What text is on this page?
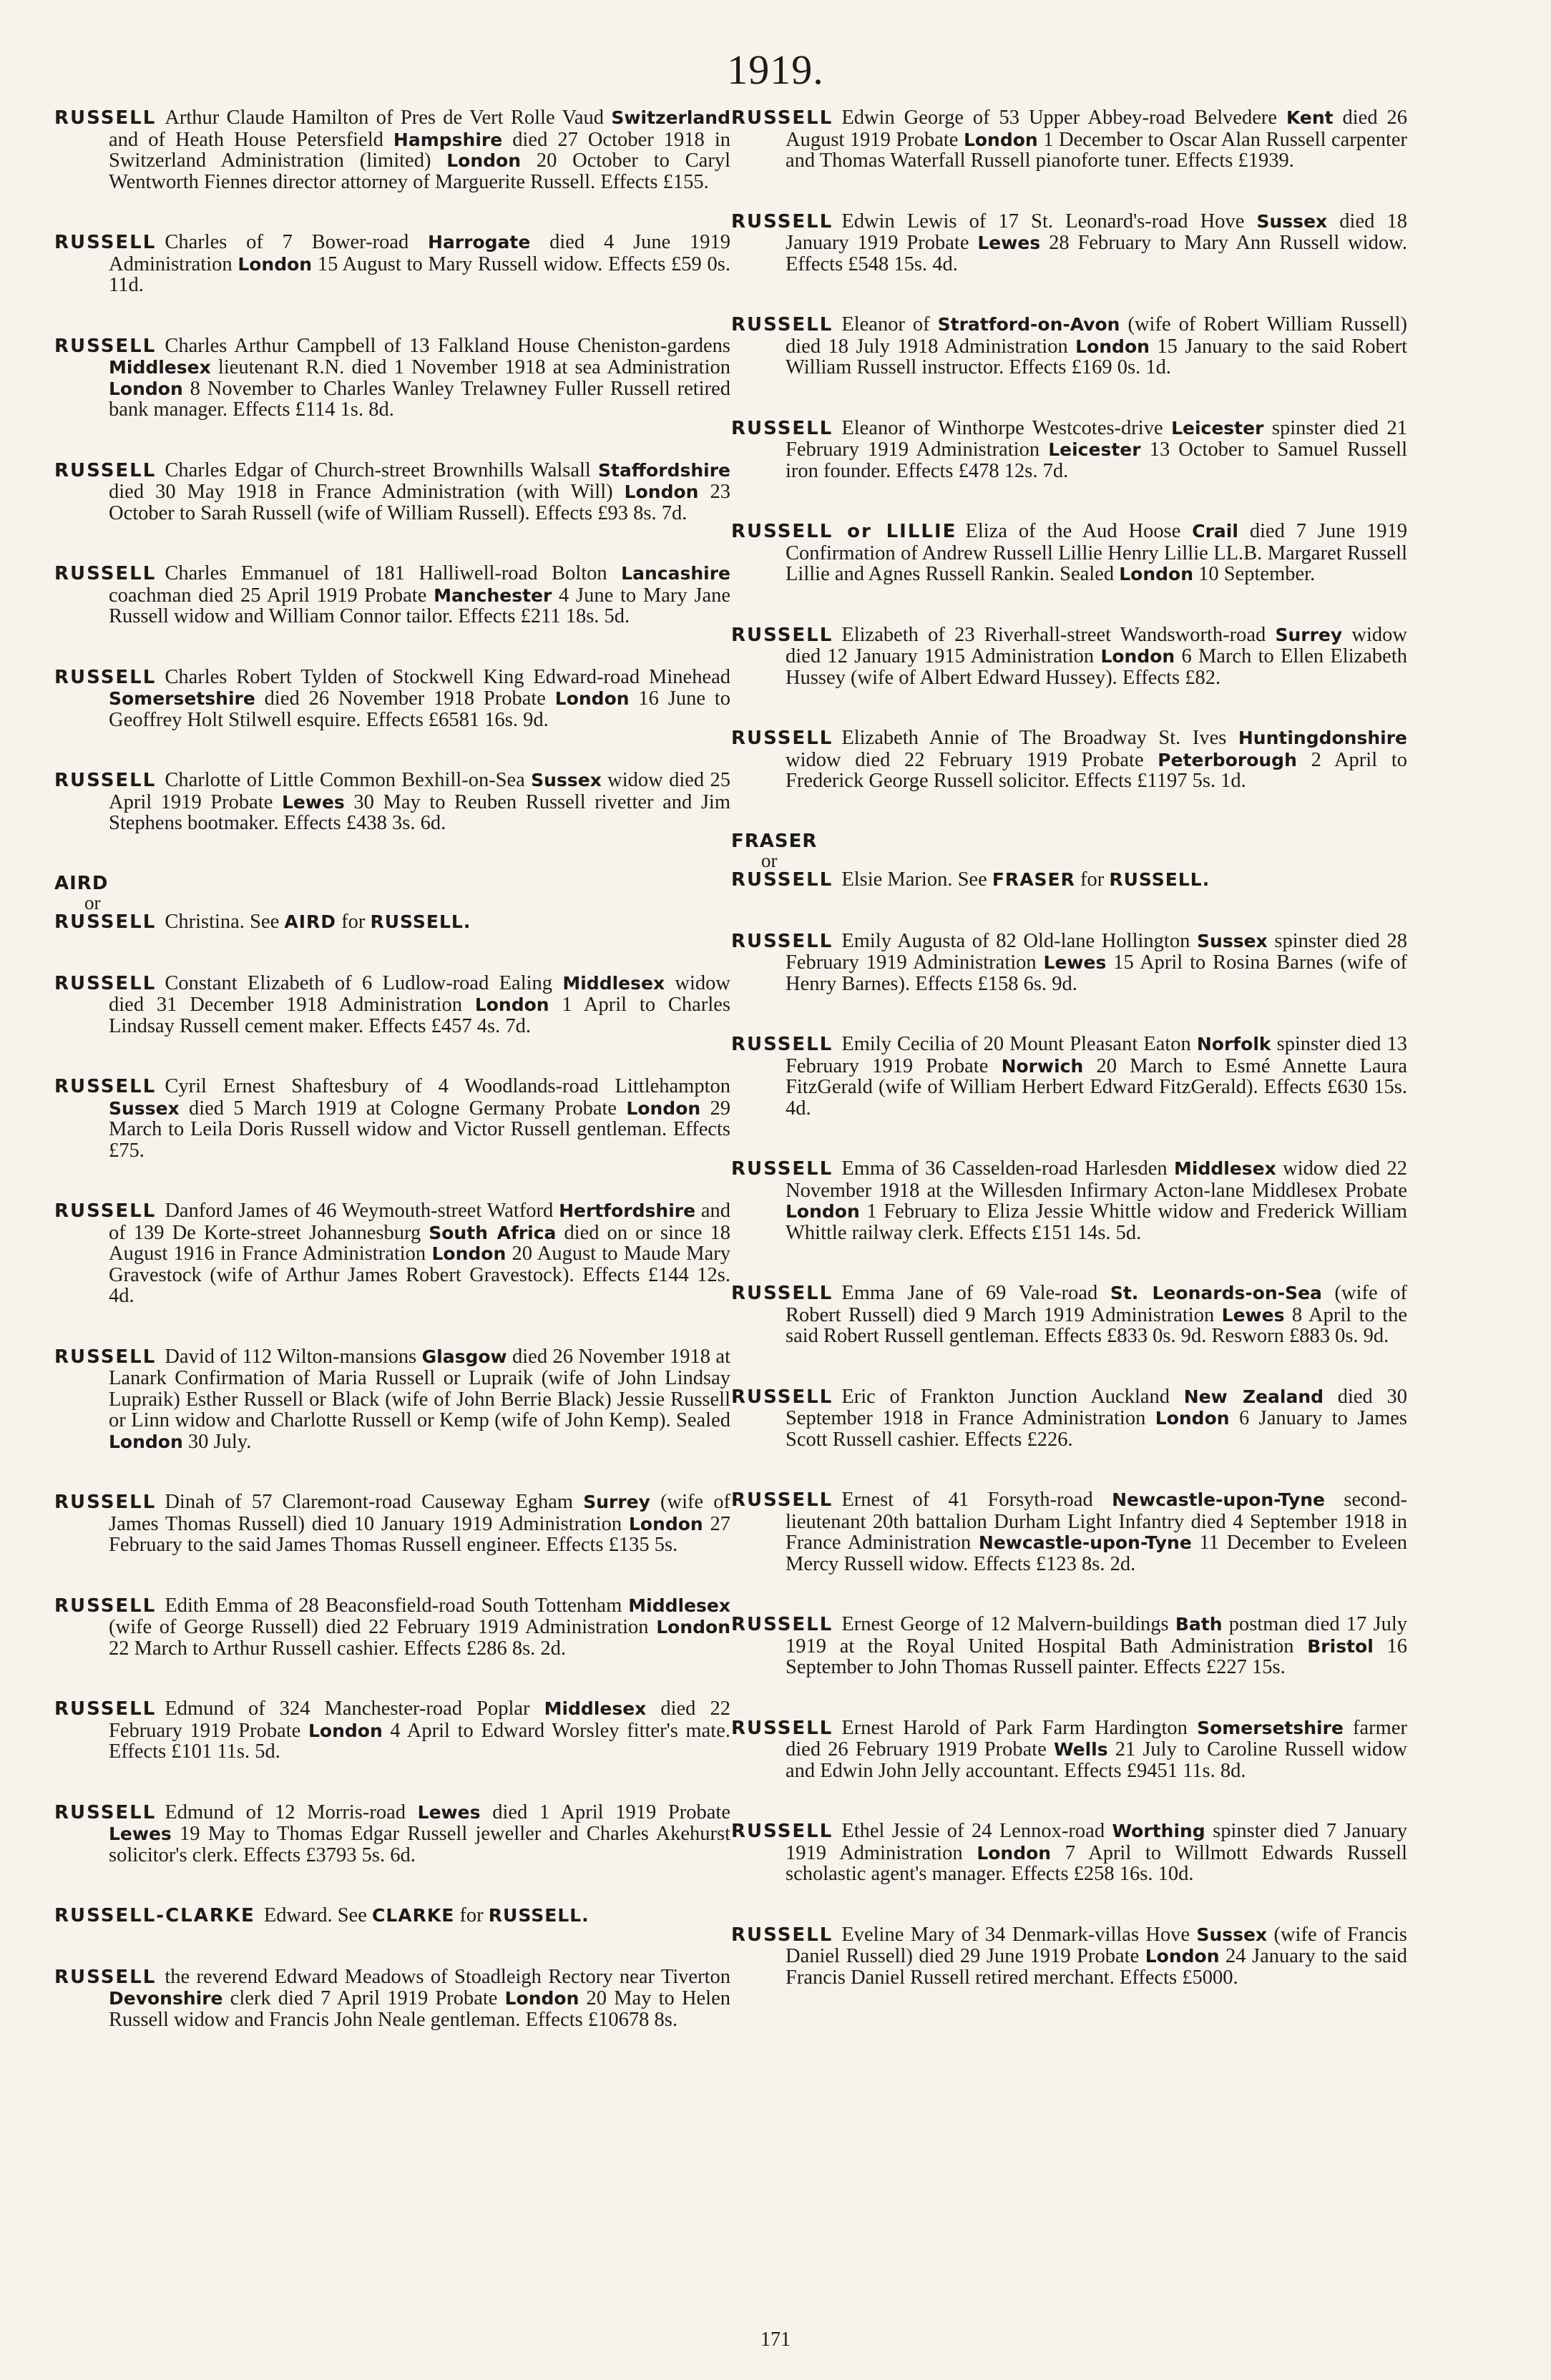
1919.
RUSSELL Arthur Claude Hamilton of Pres de Vert Rolle Vaud Switzerland and of Heath House Petersfield Hampshire died 27 October 1918 in Switzerland Administration (limited) London 20 October to Caryl Wentworth Fiennes director attorney of Marguerite Russell. Effects £155.
RUSSELL Charles of 7 Bower-road Harrogate died 4 June 1919 Administration London 15 August to Mary Russell widow. Effects £59 0s. 11d.
RUSSELL Charles Arthur Campbell of 13 Falkland House Cheniston-gardens Middlesex lieutenant R.N. died 1 November 1918 at sea Administration London 8 November to Charles Wanley Trelawney Fuller Russell retired bank manager. Effects £114 1s. 8d.
RUSSELL Charles Edgar of Church-street Brownhills Walsall Staffordshire died 30 May 1918 in France Administration (with Will) London 23 October to Sarah Russell (wife of William Russell). Effects £93 8s. 7d.
RUSSELL Charles Emmanuel of 181 Halliwell-road Bolton Lancashire coachman died 25 April 1919 Probate Manchester 4 June to Mary Jane Russell widow and William Connor tailor. Effects £211 18s. 5d.
RUSSELL Charles Robert Tylden of Stockwell King Edward-road Minehead Somersetshire died 26 November 1918 Probate London 16 June to Geoffrey Holt Stilwell esquire. Effects £6581 16s. 9d.
RUSSELL Charlotte of Little Common Bexhill-on-Sea Sussex widow died 25 April 1919 Probate Lewes 30 May to Reuben Russell rivetter and Jim Stephens bootmaker. Effects £438 3s. 6d.
AIRD
or
RUSSELL Christina. See AIRD for RUSSELL.
RUSSELL Constant Elizabeth of 6 Ludlow-road Ealing Middlesex widow died 31 December 1918 Administration London 1 April to Charles Lindsay Russell cement maker. Effects £457 4s. 7d.
RUSSELL Cyril Ernest Shaftesbury of 4 Woodlands-road Littlehampton Sussex died 5 March 1919 at Cologne Germany Probate London 29 March to Leila Doris Russell widow and Victor Russell gentleman. Effects £75.
RUSSELL Danford James of 46 Weymouth-street Watford Hertfordshire and of 139 De Korte-street Johannesburg South Africa died on or since 18 August 1916 in France Administration London 20 August to Maude Mary Gravestock (wife of Arthur James Robert Gravestock). Effects £144 12s. 4d.
RUSSELL David of 112 Wilton-mansions Glasgow died 26 November 1918 at Lanark Confirmation of Maria Russell or Lupraik (wife of John Lindsay Lupraik) Esther Russell or Black (wife of John Berrie Black) Jessie Russell or Linn widow and Charlotte Russell or Kemp (wife of John Kemp). Sealed London 30 July.
RUSSELL Dinah of 57 Claremont-road Causeway Egham Surrey (wife of James Thomas Russell) died 10 January 1919 Administration London 27 February to the said James Thomas Russell engineer. Effects £135 5s.
RUSSELL Edith Emma of 28 Beaconsfield-road South Tottenham Middlesex (wife of George Russell) died 22 February 1919 Administration London 22 March to Arthur Russell cashier. Effects £286 8s. 2d.
RUSSELL Edmund of 324 Manchester-road Poplar Middlesex died 22 February 1919 Probate London 4 April to Edward Worsley fitter's mate. Effects £101 11s. 5d.
RUSSELL Edmund of 12 Morris-road Lewes died 1 April 1919 Probate Lewes 19 May to Thomas Edgar Russell jeweller and Charles Akehurst solicitor's clerk. Effects £3793 5s. 6d.
RUSSELL-CLARKE Edward. See CLARKE for RUSSELL.
RUSSELL the reverend Edward Meadows of Stoadleigh Rectory near Tiverton Devonshire clerk died 7 April 1919 Probate London 20 May to Helen Russell widow and Francis John Neale gentleman. Effects £10678 8s.
RUSSELL Edwin George of 53 Upper Abbey-road Belvedere Kent died 26 August 1919 Probate London 1 December to Oscar Alan Russell carpenter and Thomas Waterfall Russell pianoforte tuner. Effects £1939.
RUSSELL Edwin Lewis of 17 St. Leonard's-road Hove Sussex died 18 January 1919 Probate Lewes 28 February to Mary Ann Russell widow. Effects £548 15s. 4d.
RUSSELL Eleanor of Stratford-on-Avon (wife of Robert William Russell) died 18 July 1918 Administration London 15 January to the said Robert William Russell instructor. Effects £169 0s. 1d.
RUSSELL Eleanor of Winthorpe Westcotes-drive Leicester spinster died 21 February 1919 Administration Leicester 13 October to Samuel Russell iron founder. Effects £478 12s. 7d.
RUSSELL or LILLIE Eliza of the Aud Hoose Crail died 7 June 1919 Confirmation of Andrew Russell Lillie Henry Lillie LL.B. Margaret Russell Lillie and Agnes Russell Rankin. Sealed London 10 September.
RUSSELL Elizabeth of 23 Riverhall-street Wandsworth-road Surrey widow died 12 January 1915 Administration London 6 March to Ellen Elizabeth Hussey (wife of Albert Edward Hussey). Effects £82.
RUSSELL Elizabeth Annie of The Broadway St. Ives Huntingdonshire widow died 22 February 1919 Probate Peterborough 2 April to Frederick George Russell solicitor. Effects £1197 5s. 1d.
FRASER
or
RUSSELL Elsie Marion. See FRASER for RUSSELL.
RUSSELL Emily Augusta of 82 Old-lane Hollington Sussex spinster died 28 February 1919 Administration Lewes 15 April to Rosina Barnes (wife of Henry Barnes). Effects £158 6s. 9d.
RUSSELL Emily Cecilia of 20 Mount Pleasant Eaton Norfolk spinster died 13 February 1919 Probate Norwich 20 March to Esmé Annette Laura FitzGerald (wife of William Herbert Edward FitzGerald). Effects £630 15s. 4d.
RUSSELL Emma of 36 Casselden-road Harlesden Middlesex widow died 22 November 1918 at the Willesden Infirmary Acton-lane Middlesex Probate London 1 February to Eliza Jessie Whittle widow and Frederick William Whittle railway clerk. Effects £151 14s. 5d.
RUSSELL Emma Jane of 69 Vale-road St. Leonards-on-Sea (wife of Robert Russell) died 9 March 1919 Administration Lewes 8 April to the said Robert Russell gentleman. Effects £833 0s. 9d. Resworn £883 0s. 9d.
RUSSELL Eric of Frankton Junction Auckland New Zealand died 30 September 1918 in France Administration London 6 January to James Scott Russell cashier. Effects £226.
RUSSELL Ernest of 41 Forsyth-road Newcastle-upon-Tyne second-lieutenant 20th battalion Durham Light Infantry died 4 September 1918 in France Administration Newcastle-upon-Tyne 11 December to Eveleen Mercy Russell widow. Effects £123 8s. 2d.
RUSSELL Ernest George of 12 Malvern-buildings Bath postman died 17 July 1919 at the Royal United Hospital Bath Administration Bristol 16 September to John Thomas Russell painter. Effects £227 15s.
RUSSELL Ernest Harold of Park Farm Hardington Somersetshire farmer died 26 February 1919 Probate Wells 21 July to Caroline Russell widow and Edwin John Jelly accountant. Effects £9451 11s. 8d.
RUSSELL Ethel Jessie of 24 Lennox-road Worthing spinster died 7 January 1919 Administration London 7 April to Willmott Edwards Russell scholastic agent's manager. Effects £258 16s. 10d.
RUSSELL Eveline Mary of 34 Denmark-villas Hove Sussex (wife of Francis Daniel Russell) died 29 June 1919 Probate London 24 January to the said Francis Daniel Russell retired merchant. Effects £5000.
171
